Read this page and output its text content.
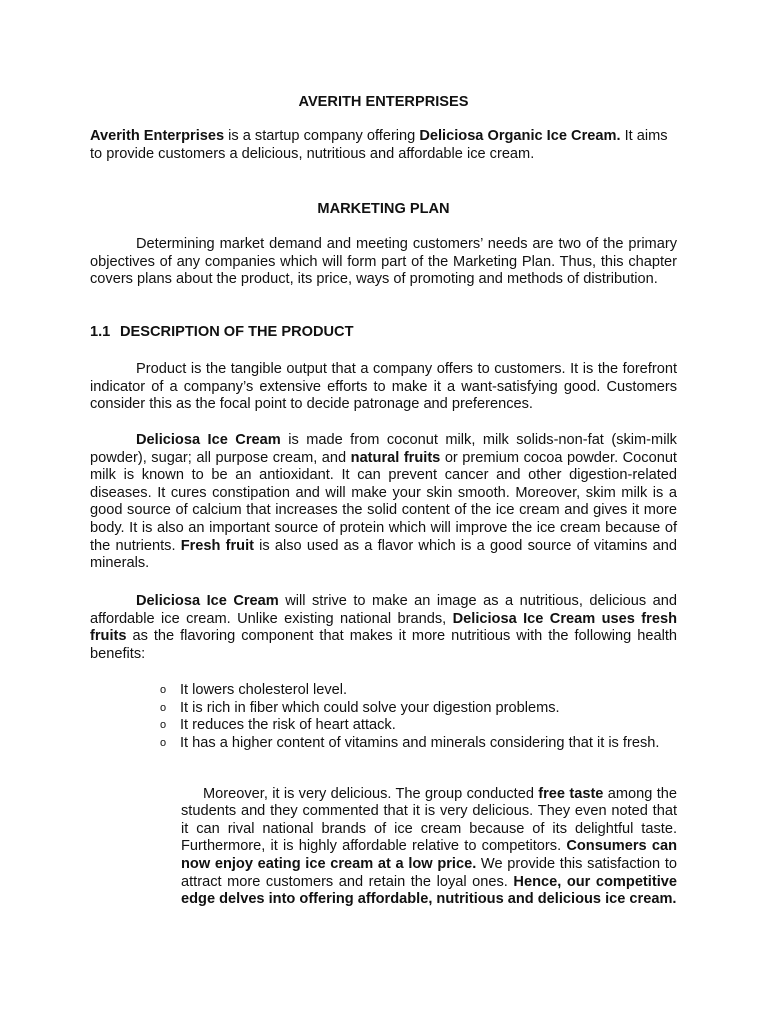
AVERITH ENTERPRISES

Averith Enterprises is a startup company offering Deliciosa Organic Ice Cream. It aims to provide customers a delicious, nutritious and affordable ice cream.

MARKETING PLAN

Determining market demand and meeting customers’ needs are two of the primary objectives of any companies which will form part of the Marketing Plan. Thus, this chapter covers plans about the product, its price, ways of promoting and methods of distribution.

1.1 DESCRIPTION OF THE PRODUCT

Product is the tangible output that a company offers to customers. It is the forefront indicator of a company’s extensive efforts to make it a want-satisfying good. Customers consider this as the focal point to decide patronage and preferences.

Deliciosa Ice Cream is made from coconut milk, milk solids-non-fat (skim-milk powder), sugar; all purpose cream, and natural fruits or premium cocoa powder. Coconut milk is known to be an antioxidant. It can prevent cancer and other digestion-related diseases. It cures constipation and will make your skin smooth. Moreover, skim milk is a good source of calcium that increases the solid content of the ice cream and gives it more body. It is also an important source of protein which will improve the ice cream because of the nutrients. Fresh fruit is also used as a flavor which is a good source of vitamins and minerals.

Deliciosa Ice Cream will strive to make an image as a nutritious, delicious and affordable ice cream. Unlike existing national brands, Deliciosa Ice Cream uses fresh fruits as the flavoring component that makes it more nutritious with the following health benefits:

o It lowers cholesterol level.
o It is rich in fiber which could solve your digestion problems.
o It reduces the risk of heart attack.
o It has a higher content of vitamins and minerals considering that it is fresh.

Moreover, it is very delicious. The group conducted free taste among the students and they commented that it is very delicious. They even noted that it can rival national brands of ice cream because of its delightful taste. Furthermore, it is highly affordable relative to competitors. Consumers can now enjoy eating ice cream at a low price. We provide this satisfaction to attract more customers and retain the loyal ones. Hence, our competitive edge delves into offering affordable, nutritious and delicious ice cream.
